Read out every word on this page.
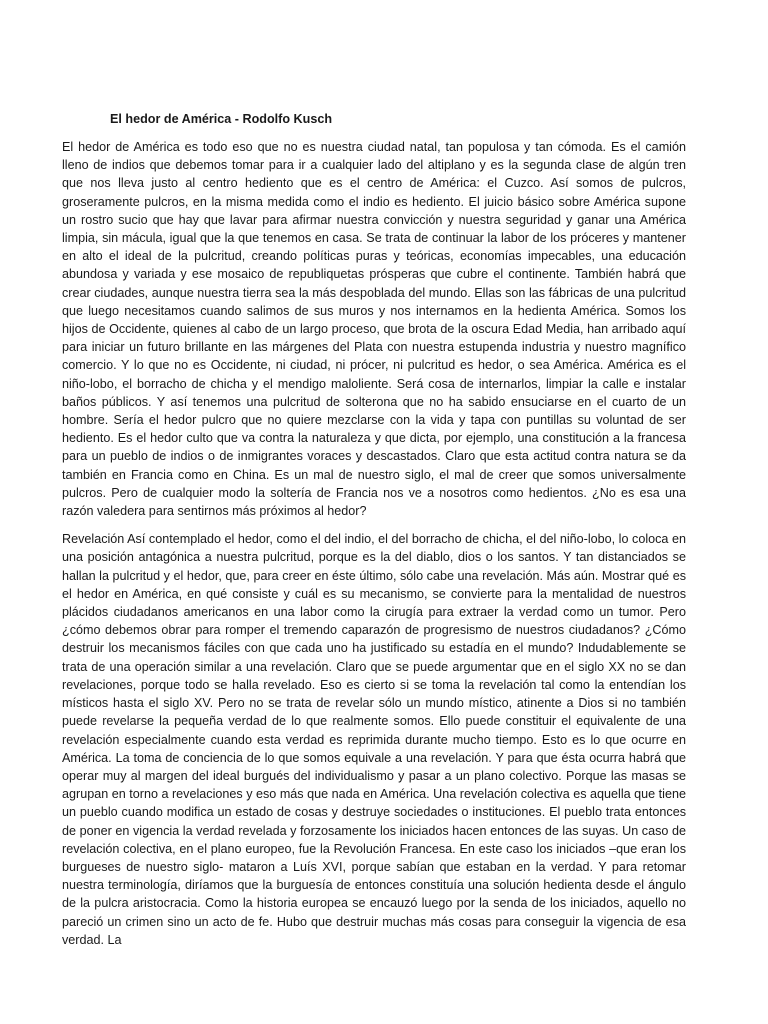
El hedor de América - Rodolfo Kusch

El hedor de América es todo eso que no es nuestra ciudad natal, tan populosa y tan cómoda. Es el camión lleno de indios que debemos tomar para ir a cualquier lado del altiplano y es la segunda clase de algún tren que nos lleva justo al centro hediento que es el centro de América: el Cuzco. Así somos de pulcros, groseramente pulcros, en la misma medida como el indio es hediento. El juicio básico sobre América supone un rostro sucio que hay que lavar para afirmar nuestra convicción y nuestra seguridad y ganar una América limpia, sin mácula, igual que la que tenemos en casa. Se trata de continuar la labor de los próceres y mantener en alto el ideal de la pulcritud, creando políticas puras y teóricas, economías impecables, una educación abundosa y variada y ese mosaico de republiquetas prósperas que cubre el continente. También habrá que crear ciudades, aunque nuestra tierra sea la más despoblada del mundo. Ellas son las fábricas de una pulcritud que luego necesitamos cuando salimos de sus muros y nos internamos en la hedienta América. Somos los hijos de Occidente, quienes al cabo de un largo proceso, que brota de la oscura Edad Media, han arribado aquí para iniciar un futuro brillante en las márgenes del Plata con nuestra estupenda industria y nuestro magnífico comercio. Y lo que no es Occidente, ni ciudad, ni prócer, ni pulcritud es hedor, o sea América. América es el niño-lobo, el borracho de chicha y el mendigo maloliente. Será cosa de internarlos, limpiar la calle e instalar baños públicos. Y así tenemos una pulcritud de solterona que no ha sabido ensuciarse en el cuarto de un hombre. Sería el hedor pulcro que no quiere mezclarse con la vida y tapa con puntillas su voluntad de ser hediento. Es el hedor culto que va contra la naturaleza y que dicta, por ejemplo, una constitución a la francesa para un pueblo de indios o de inmigrantes voraces y descastados. Claro que esta actitud contra natura se da también en Francia como en China. Es un mal de nuestro siglo, el mal de creer que somos universalmente pulcros. Pero de cualquier modo la soltería de Francia nos ve a nosotros como hedientos. ¿No es esa una razón valedera para sentirnos más próximos al hedor?

Revelación Así contemplado el hedor, como el del indio, el del borracho de chicha, el del niño-lobo, lo coloca en una posición antagónica a nuestra pulcritud, porque es la del diablo, dios o los santos. Y tan distanciados se hallan la pulcritud y el hedor, que, para creer en éste último, sólo cabe una revelación. Más aún. Mostrar qué es el hedor en América, en qué consiste y cuál es su mecanismo, se convierte para la mentalidad de nuestros plácidos ciudadanos americanos en una labor como la cirugía para extraer la verdad como un tumor. Pero ¿cómo debemos obrar para romper el tremendo caparazón de progresismo de nuestros ciudadanos? ¿Cómo destruir los mecanismos fáciles con que cada uno ha justificado su estadía en el mundo? Indudablemente se trata de una operación similar a una revelación. Claro que se puede argumentar que en el siglo XX no se dan revelaciones, porque todo se halla revelado. Eso es cierto si se toma la revelación tal como la entendían los místicos hasta el siglo XV. Pero no se trata de revelar sólo un mundo místico, atinente a Dios si no también puede revelarse la pequeña verdad de lo que realmente somos. Ello puede constituir el equivalente de una revelación especialmente cuando esta verdad es reprimida durante mucho tiempo. Esto es lo que ocurre en América. La toma de conciencia de lo que somos equivale a una revelación. Y para que ésta ocurra habrá que operar muy al margen del ideal burgués del individualismo y pasar a un plano colectivo. Porque las masas se agrupan en torno a revelaciones y eso más que nada en América. Una revelación colectiva es aquella que tiene un pueblo cuando modifica un estado de cosas y destruye sociedades o instituciones. El pueblo trata entonces de poner en vigencia la verdad revelada y forzosamente los iniciados hacen entonces de las suyas. Un caso de revelación colectiva, en el plano europeo, fue la Revolución Francesa. En este caso los iniciados –que eran los burgueses de nuestro siglo- mataron a Luís XVI, porque sabían que estaban en la verdad. Y para retomar nuestra terminología, diríamos que la burguesía de entonces constituía una solución hedienta desde el ángulo de la pulcra aristocracia. Como la historia europea se encauzó luego por la senda de los iniciados, aquello no pareció un crimen sino un acto de fe. Hubo que destruir muchas más cosas para conseguir la vigencia de esa verdad. La
